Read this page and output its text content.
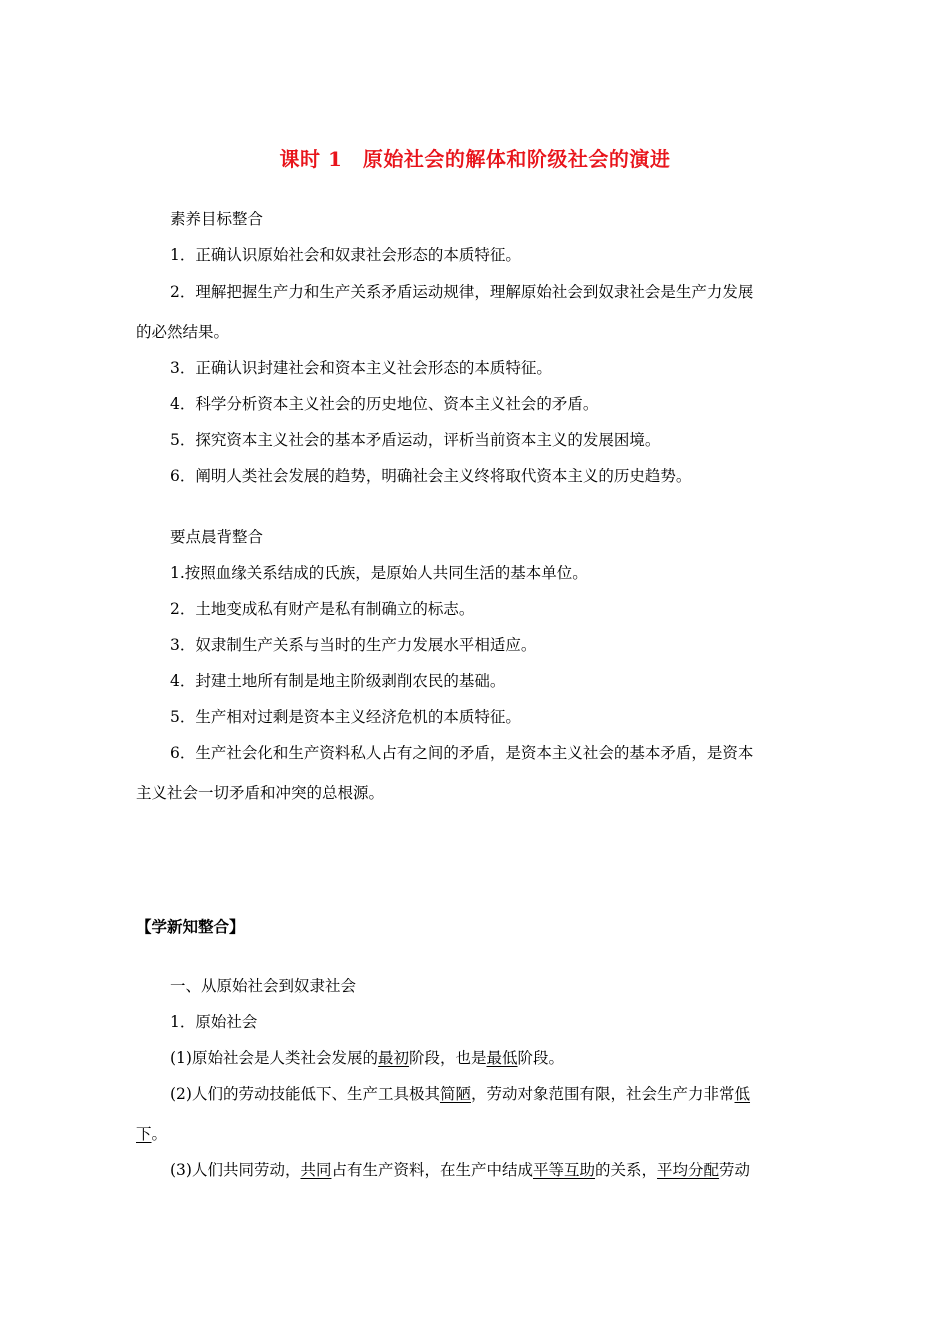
课时 1　原始社会的解体和阶级社会的演进
素养目标整合
1．正确认识原始社会和奴隶社会形态的本质特征。
2．理解把握生产力和生产关系矛盾运动规律，理解原始社会到奴隶社会是生产力发展
的必然结果。
3．正确认识封建社会和资本主义社会形态的本质特征。
4．科学分析资本主义社会的历史地位、资本主义社会的矛盾。
5．探究资本主义社会的基本矛盾运动，评析当前资本主义的发展困境。
6．阐明人类社会发展的趋势，明确社会主义终将取代资本主义的历史趋势。
要点晨背整合
1.按照血缘关系结成的氏族，是原始人共同生活的基本单位。
2．土地变成私有财产是私有制确立的标志。
3．奴隶制生产关系与当时的生产力发展水平相适应。
4．封建土地所有制是地主阶级剥削农民的基础。
5．生产相对过剩是资本主义经济危机的本质特征。
6．生产社会化和生产资料私人占有之间的矛盾，是资本主义社会的基本矛盾，是资本
主义社会一切矛盾和冲突的总根源。
【学新知整合】
一、从原始社会到奴隶社会
1．原始社会
(1)原始社会是人类社会发展的最初阶段，也是最低阶段。
(2)人们的劳动技能低下、生产工具极其简陋，劳动对象范围有限，社会生产力非常低
下。
(3)人们共同劳动，共同占有生产资料，在生产中结成平等互助的关系，平均分配劳动
